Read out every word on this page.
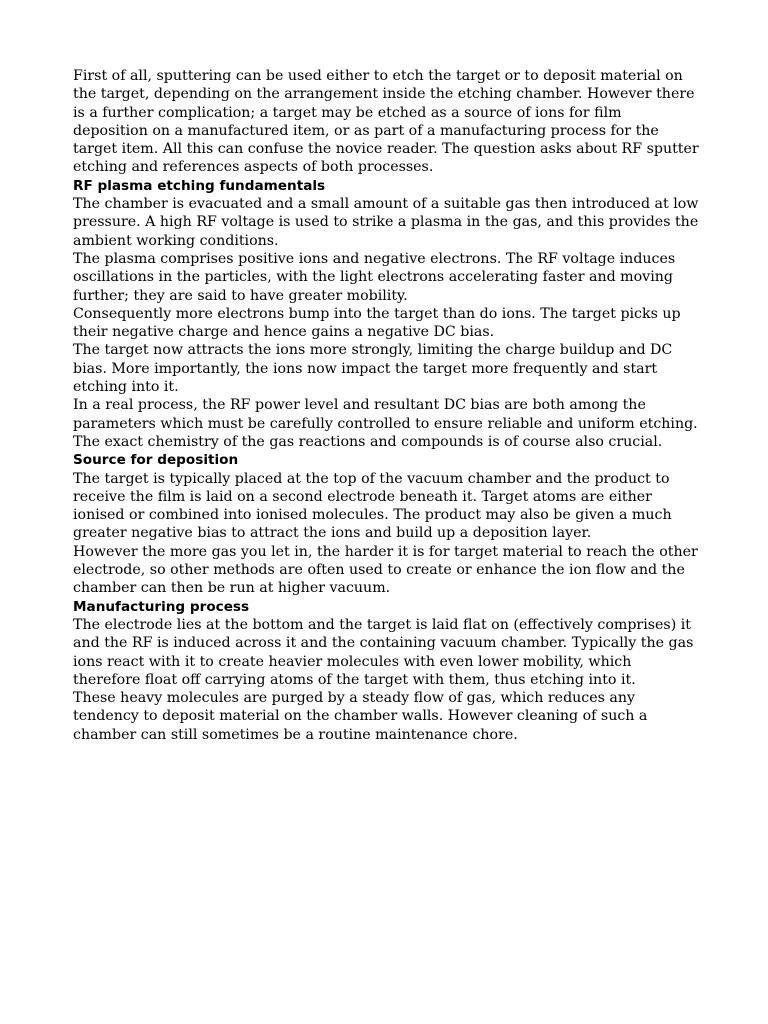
First of all, sputtering can be used either to etch the target or to deposit material on the target, depending on the arrangement inside the etching chamber. However there is a further complication; a target may be etched as a source of ions for film deposition on a manufactured item, or as part of a manufacturing process for the target item. All this can confuse the novice reader. The question asks about RF sputter etching and references aspects of both processes.

RF plasma etching fundamentals

The chamber is evacuated and a small amount of a suitable gas then introduced at low pressure. A high RF voltage is used to strike a plasma in the gas, and this provides the ambient working conditions.

The plasma comprises positive ions and negative electrons. The RF voltage induces oscillations in the particles, with the light electrons accelerating faster and moving further; they are said to have greater mobility.

Consequently more electrons bump into the target than do ions. The target picks up their negative charge and hence gains a negative DC bias.

The target now attracts the ions more strongly, limiting the charge buildup and DC bias. More importantly, the ions now impact the target more frequently and start etching into it.

In a real process, the RF power level and resultant DC bias are both among the parameters which must be carefully controlled to ensure reliable and uniform etching. The exact chemistry of the gas reactions and compounds is of course also crucial.

Source for deposition

The target is typically placed at the top of the vacuum chamber and the product to receive the film is laid on a second electrode beneath it. Target atoms are either ionised or combined into ionised molecules. The product may also be given a much greater negative bias to attract the ions and build up a deposition layer.

However the more gas you let in, the harder it is for target material to reach the other electrode, so other methods are often used to create or enhance the ion flow and the chamber can then be run at higher vacuum.

Manufacturing process

The electrode lies at the bottom and the target is laid flat on (effectively comprises) it and the RF is induced across it and the containing vacuum chamber. Typically the gas ions react with it to create heavier molecules with even lower mobility, which therefore float off carrying atoms of the target with them, thus etching into it.

These heavy molecules are purged by a steady flow of gas, which reduces any tendency to deposit material on the chamber walls. However cleaning of such a chamber can still sometimes be a routine maintenance chore.
